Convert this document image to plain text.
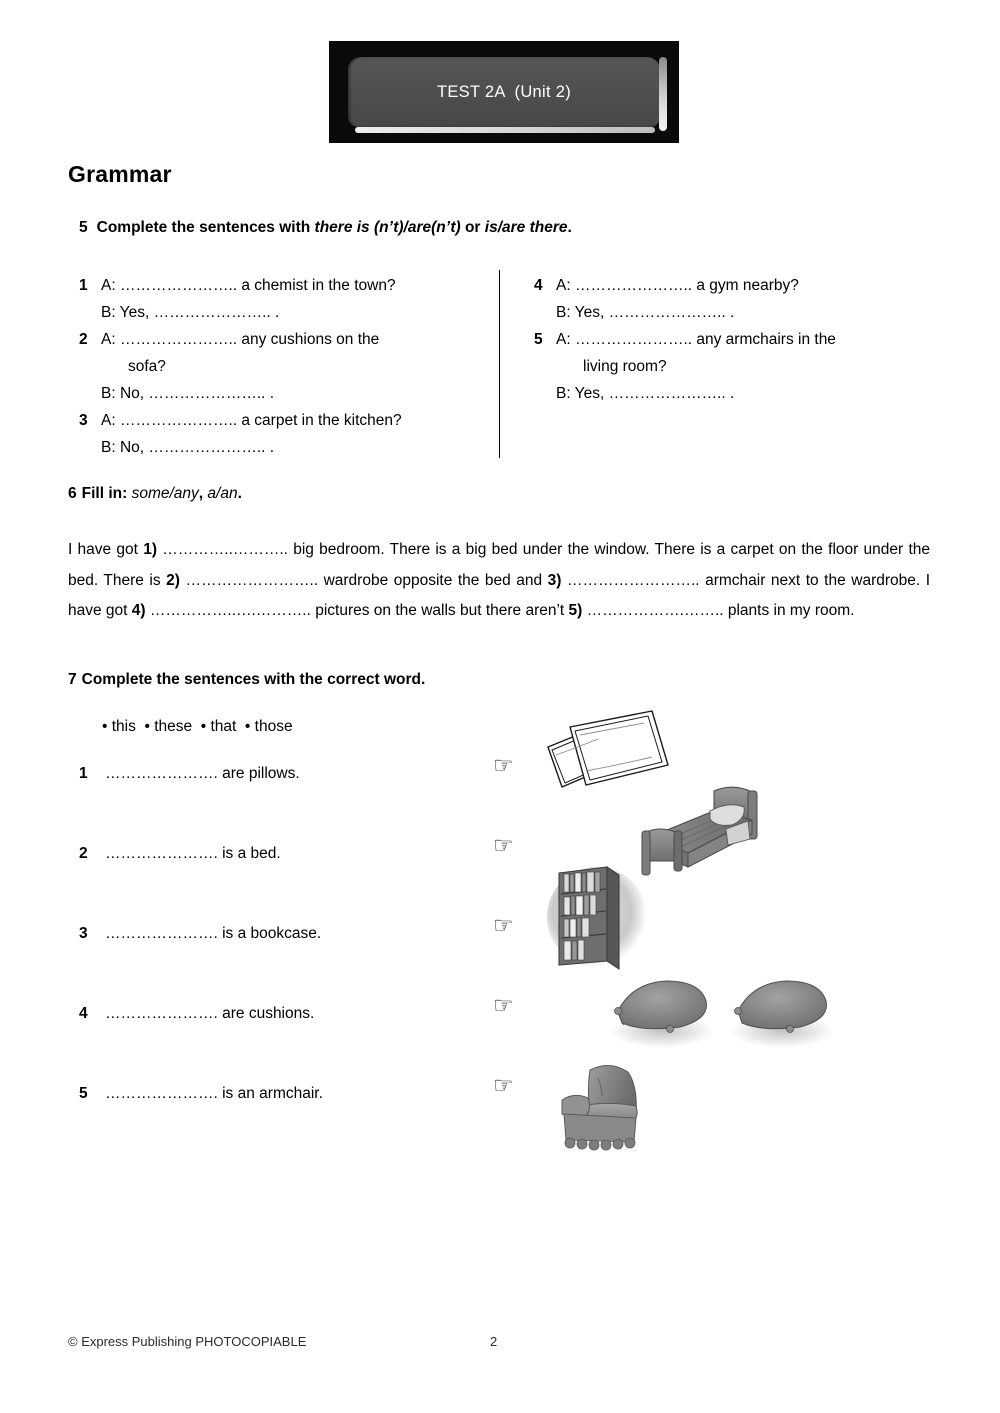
TEST 2A  (Unit 2)
Grammar
5 Complete the sentences with there is (n’t)/are(n’t) or is/are there.
1 A: ………………….. a chemist in the town?
B: Yes, ………………….. .
2 A: ………………….. any cushions on the
sofa?
B: No, ………………….. .
3 A: ………………….. a carpet in the kitchen?
B: No, ………………….. .
4 A: ………………….. a gym nearby?
B: Yes, ………………….. .
5 A: ………………….. any armchairs in the
living room?
B: Yes, ………………….. .
6 Fill in: some/any, a/an.
I have got 1) …………..……….. big bedroom. There is a big bed under the window. There is a carpet on the floor under the bed. There is 2) …………………….. wardrobe opposite the bed and 3) …………………….. armchair next to the wardrobe. I have got 4) ……………..….……….. pictures on the walls but there aren’t 5) ……………….…….. plants in my room.
7 Complete the sentences with the correct word.
• this  • these  • that  • those
1	…………………. are pillows.
2	…………………. is a bed.
3	…………………. is a bookcase.
4	…………………. are cushions.
5	…………………. is an armchair.
☞
☞
☞
☞
☞
© Express Publishing PHOTOCOPIABLE	2
